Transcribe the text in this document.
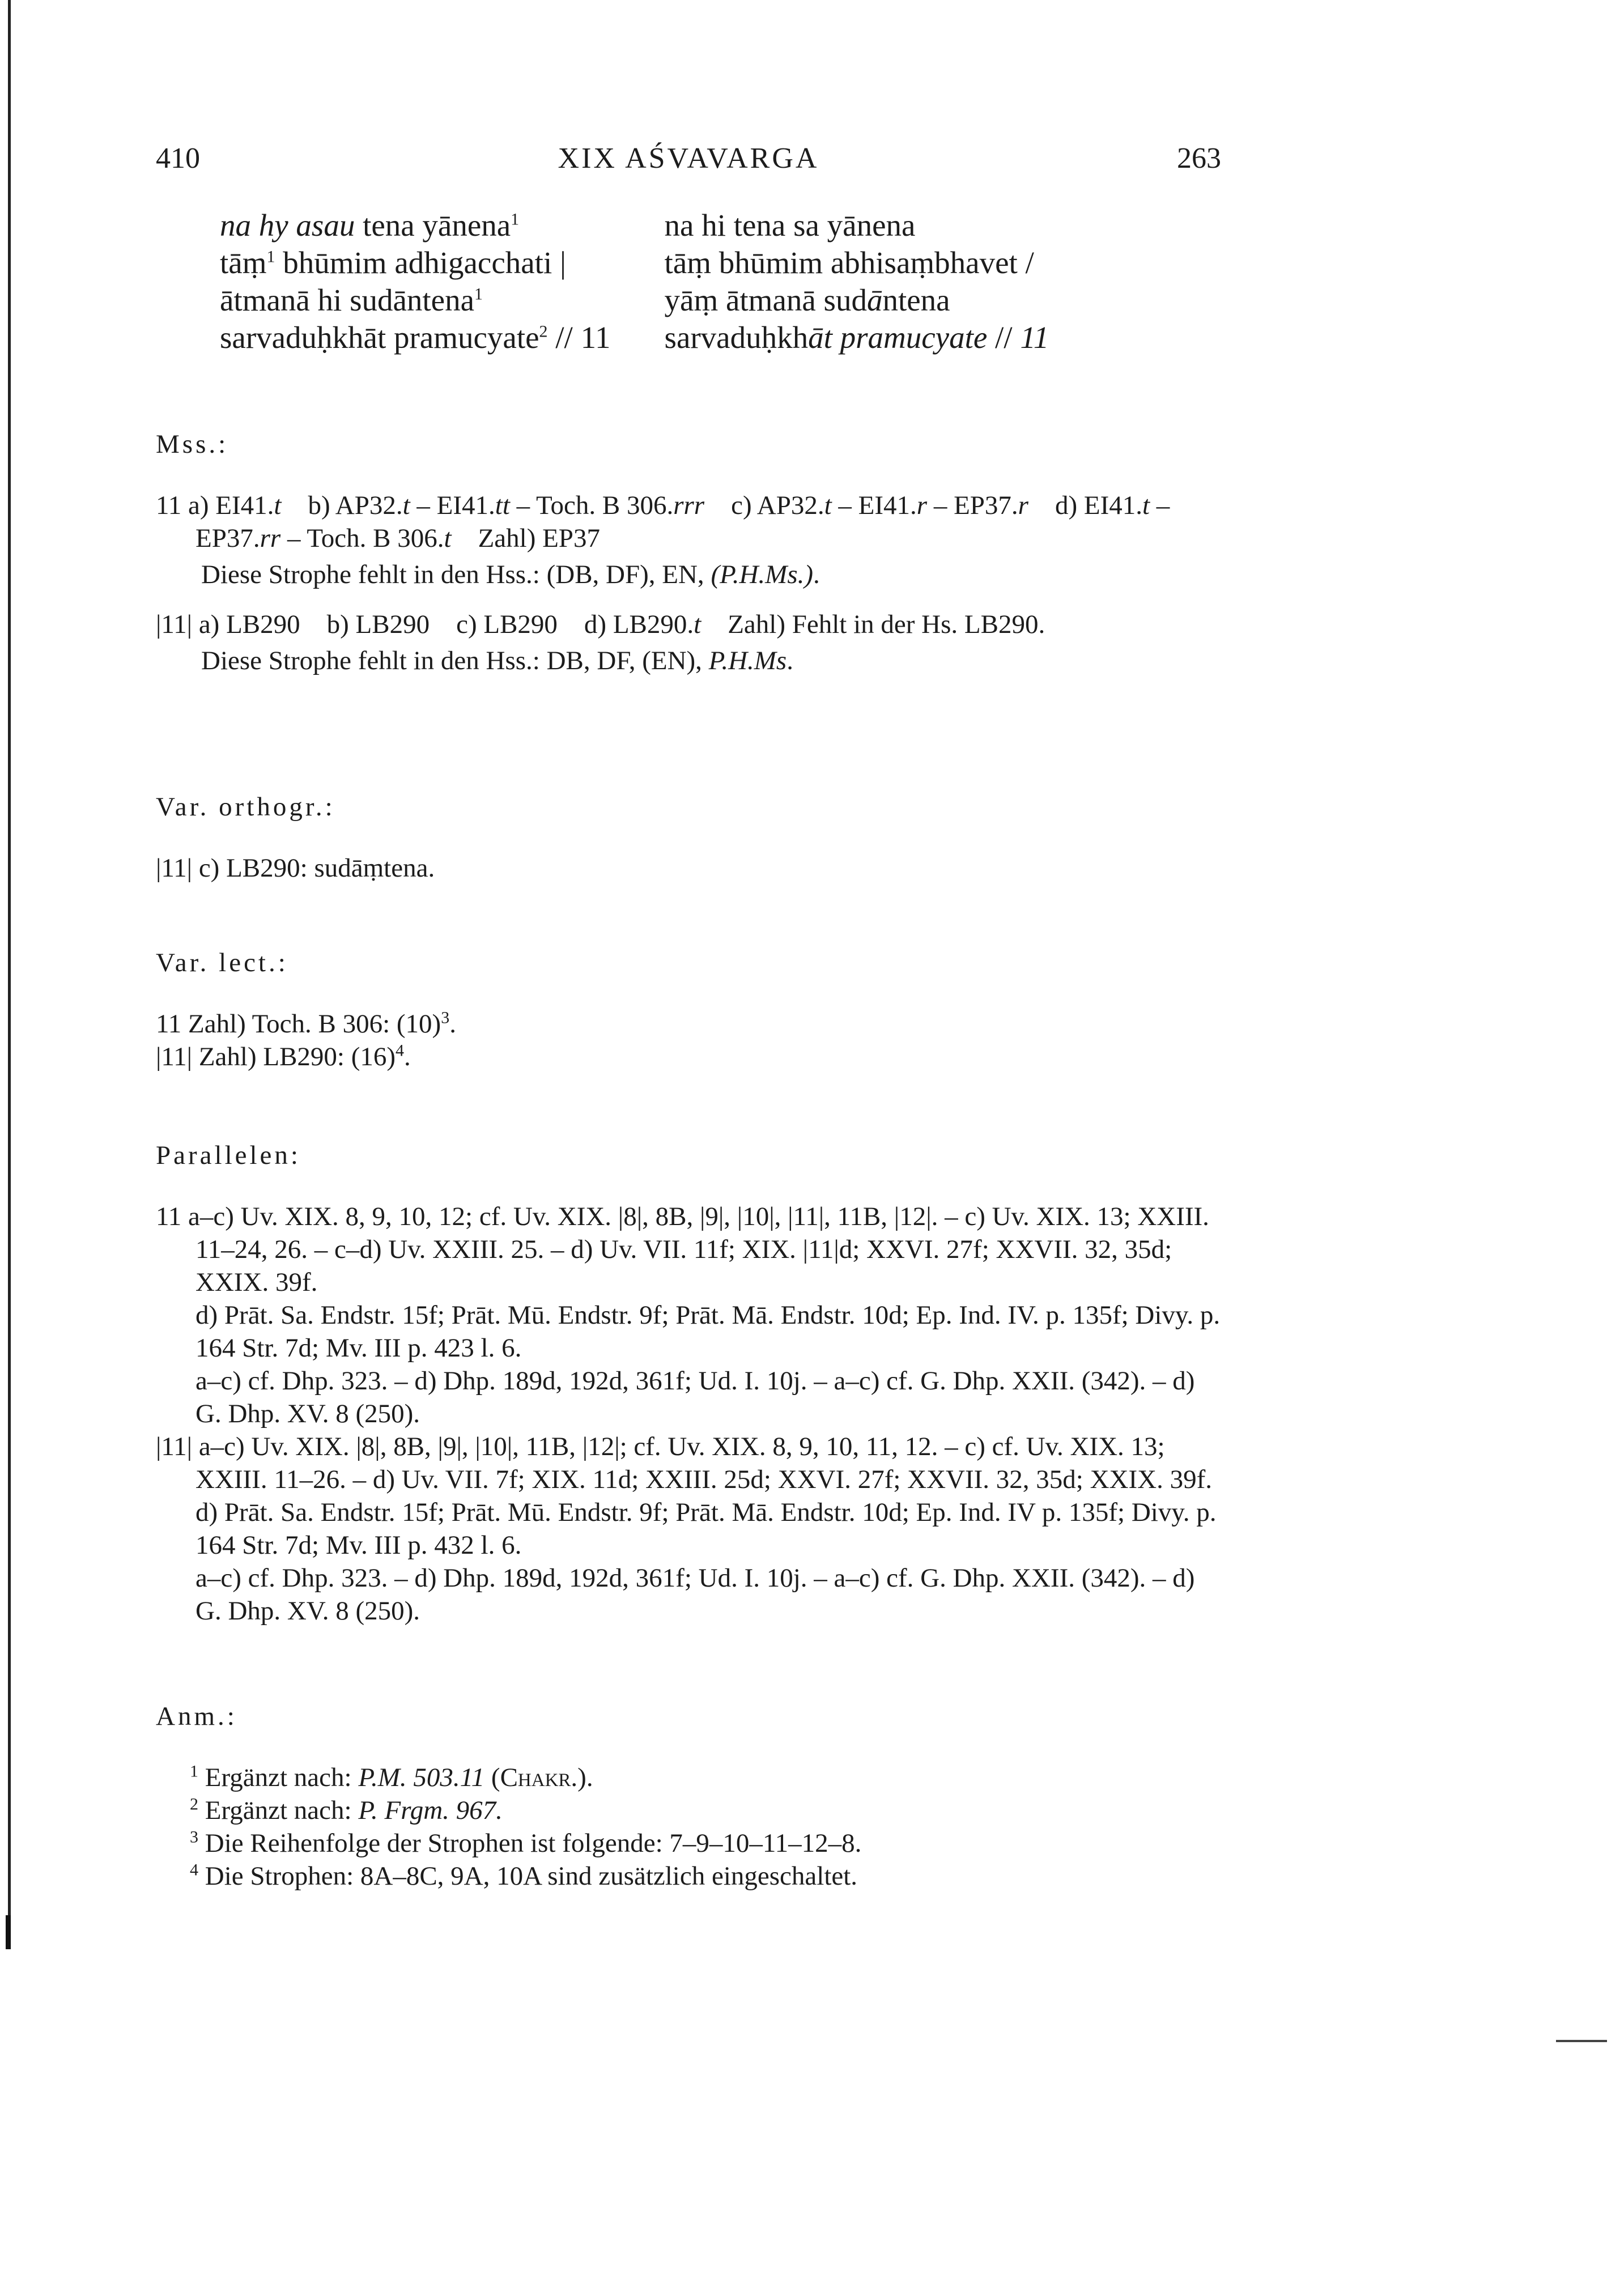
410	XIX AŚVAVARGA	263
na hy asau tena yānena$^1$
tāṃ$^1$ bhūmim adhigacchati |
ātmanā hi sudāntena$^1$
sarvaduḥkhāt pramucyate$^2$ // 11
na hi tena sa yānena
tāṃ bhūmim abhisaṃbhavet /
yāṃ ātmanā sudāntena
sarvaduḥkhāt pramucyate // 11
Mss.:
11 a) EI41.t    b) AP32.t – EI41.tt – Toch. B 306.rrr    c) AP32.t – EI41.r – EP37.r    d) EI41.t – EP37.rr – Toch. B 306.t    Zahl) EP37
Diese Strophe fehlt in den Hss.: (DB, DF), EN, (P.H.Ms.).
|11| a) LB290    b) LB290    c) LB290    d) LB290.t    Zahl) Fehlt in der Hs. LB290.
Diese Strophe fehlt in den Hss.: DB, DF, (EN), P.H.Ms.
Var. orthogr.:
|11| c) LB290: sudāṃtena.
Var. lect.:
11 Zahl) Toch. B 306: $(10)^3$.
|11| Zahl) LB290: $(16)^4$.
Parallelen:
11 a–c) Uv. XIX. 8, 9, 10, 12; cf. Uv. XIX. |8|, 8B, |9|, |10|, |11|, 11B, |12|. – c) Uv. XIX. 13; XXIII. 11–24, 26. – c–d) Uv. XXIII. 25. – d) Uv. VII. 11f; XIX. |11|d; XXVI. 27f; XXVII. 32, 35d; XXIX. 39f.
d) Prāt. Sa. Endstr. 15f; Prāt. Mū. Endstr. 9f; Prāt. Mā. Endstr. 10d; Ep. Ind. IV. p. 135f; Divy. p. 164 Str. 7d; Mv. III p. 423 l. 6.
a–c) cf. Dhp. 323. – d) Dhp. 189d, 192d, 361f; Ud. I. 10j. – a–c) cf. G. Dhp. XXII. (342). – d) G. Dhp. XV. 8 (250).
|11| a–c) Uv. XIX. |8|, 8B, |9|, |10|, 11B, |12|; cf. Uv. XIX. 8, 9, 10, 11, 12. – c) cf. Uv. XIX. 13; XXIII. 11–26. – d) Uv. VII. 7f; XIX. 11d; XXIII. 25d; XXVI. 27f; XXVII. 32, 35d; XXIX. 39f.
d) Prāt. Sa. Endstr. 15f; Prāt. Mū. Endstr. 9f; Prāt. Mā. Endstr. 10d; Ep. Ind. IV p. 135f; Divy. p. 164 Str. 7d; Mv. III p. 432 l. 6.
a–c) cf. Dhp. 323. – d) Dhp. 189d, 192d, 361f; Ud. I. 10j. – a–c) cf. G. Dhp. XXII. (342). – d) G. Dhp. XV. 8 (250).
Anm.:
$^1$ Ergänzt nach: P.M. 503.11 (Chakr.).
$^2$ Ergänzt nach: P. Frgm. 967.
$^3$ Die Reihenfolge der Strophen ist folgende: 7–9–10–11–12–8.
$^4$ Die Strophen: 8A–8C, 9A, 10A sind zusätzlich eingeschaltet.
